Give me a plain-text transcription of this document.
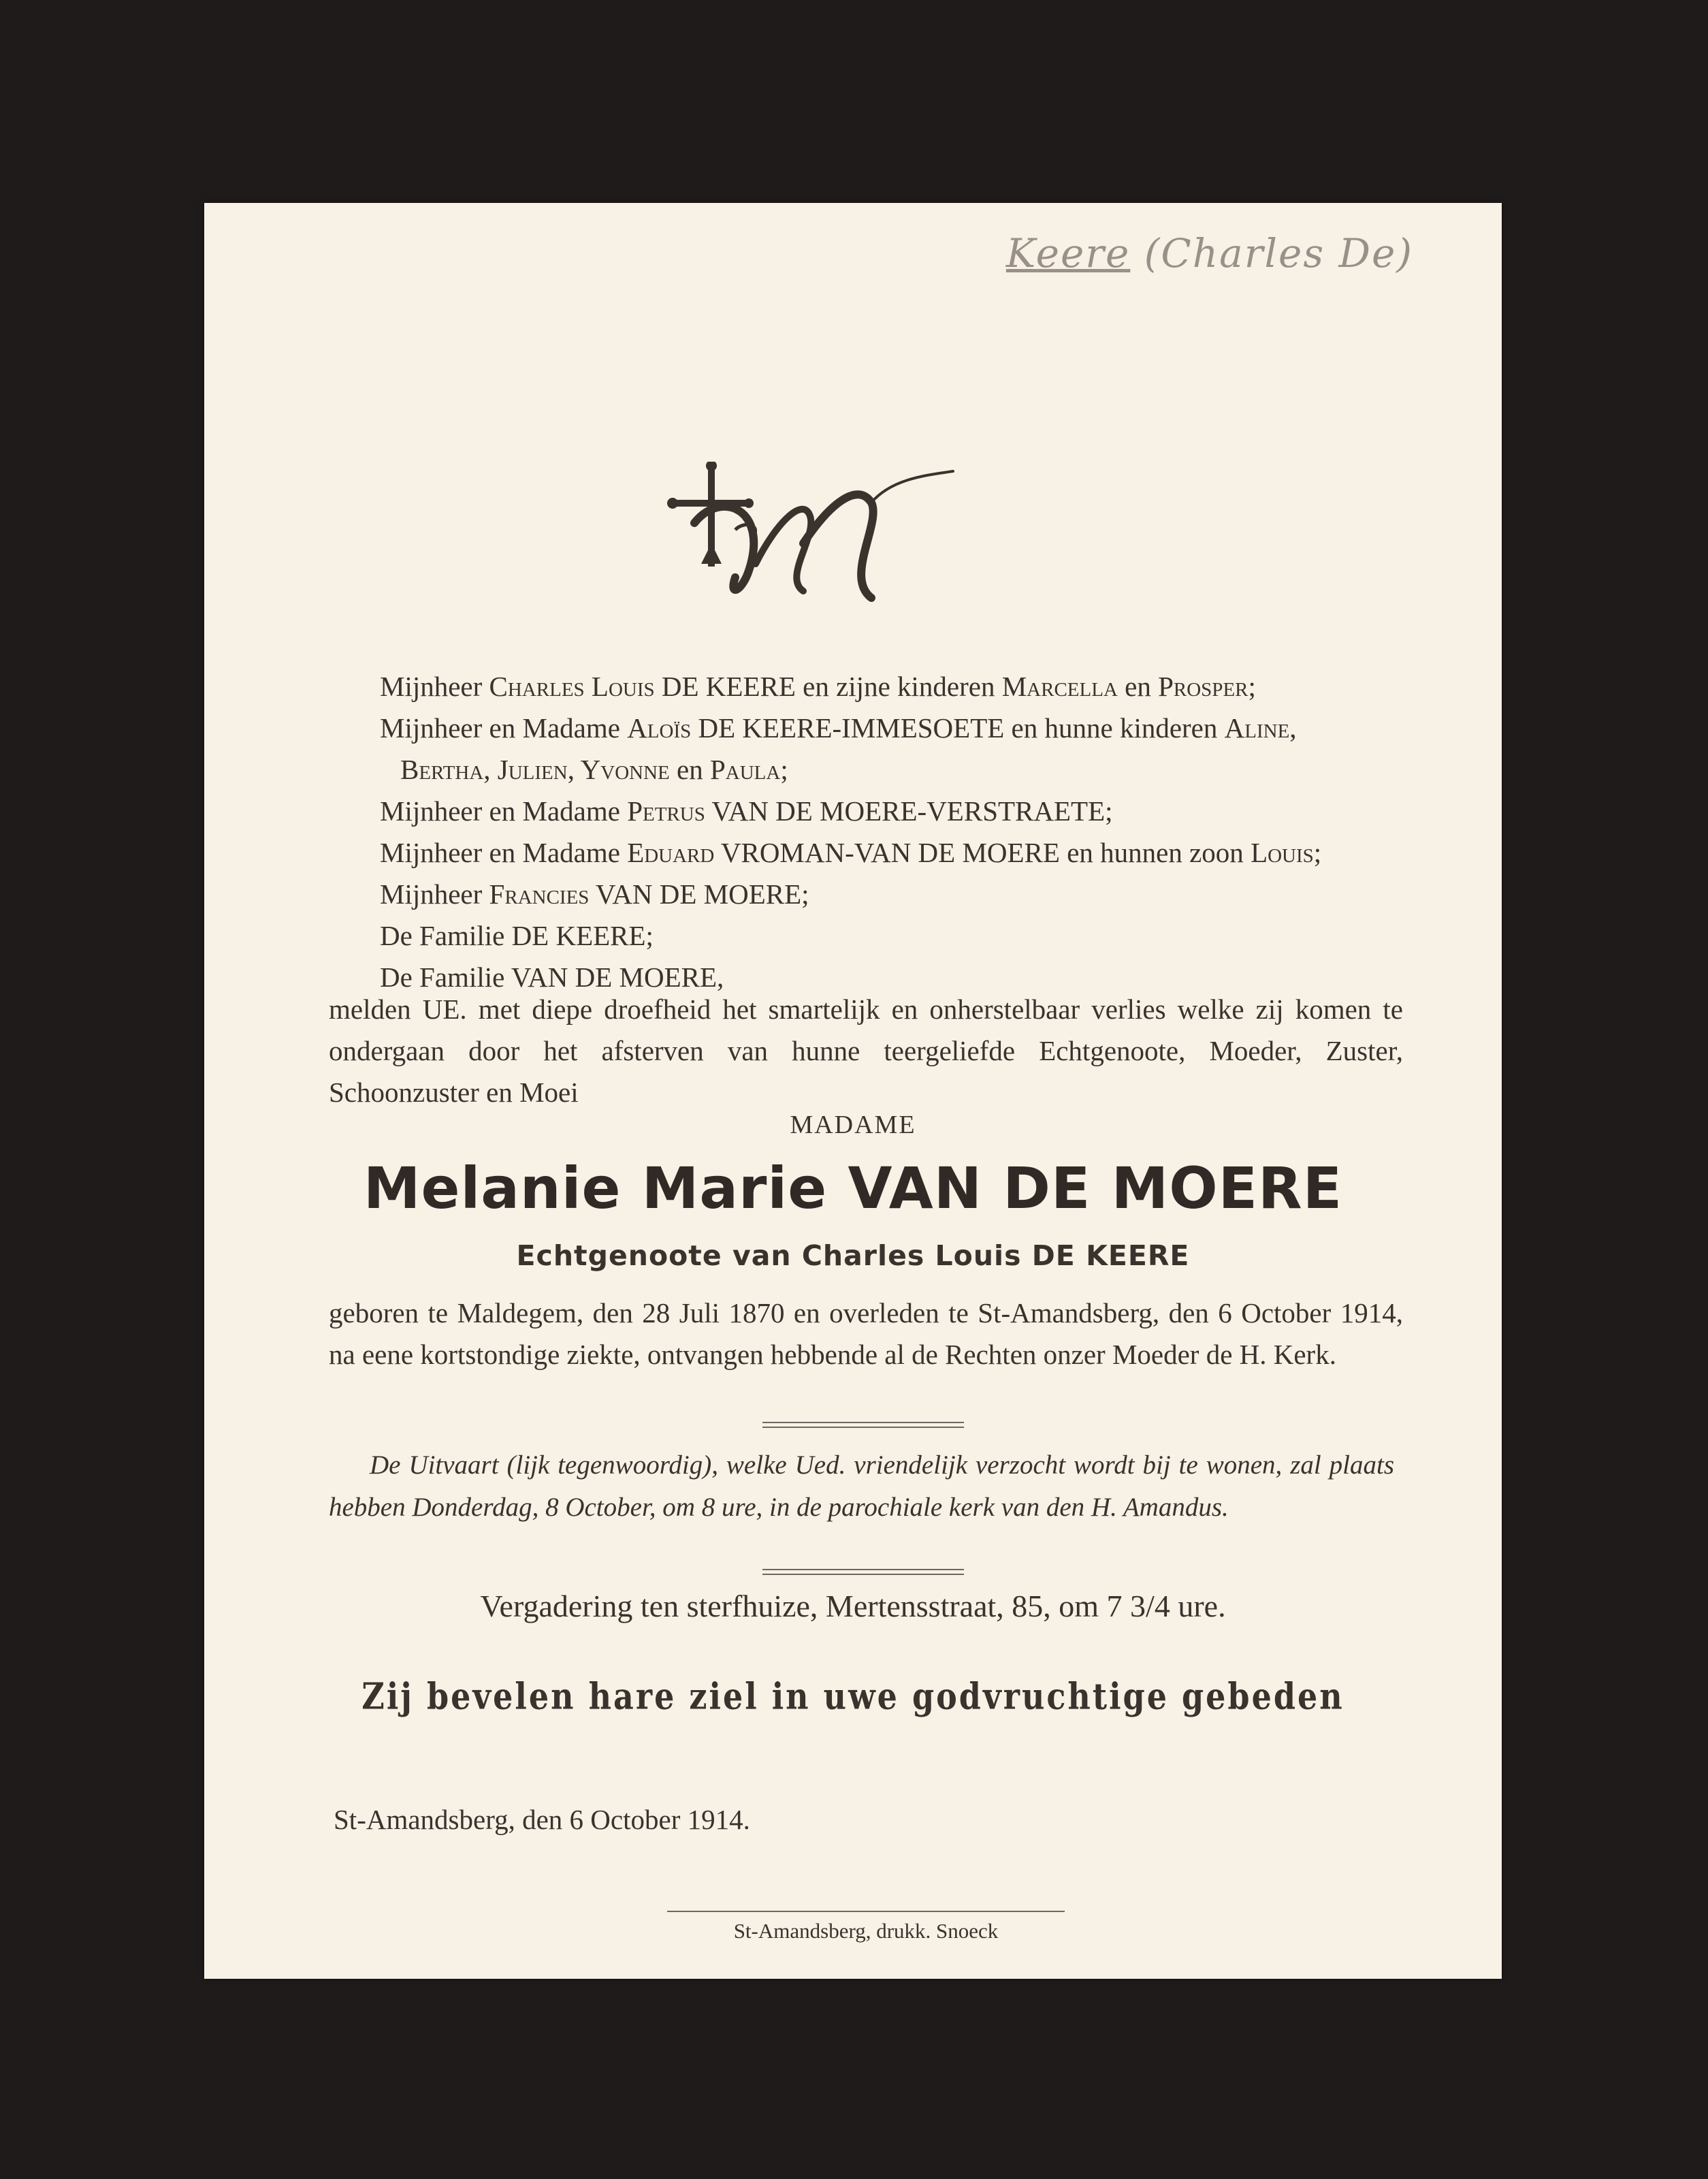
Keere (Charles De)
Mijnheer Charles Louis DE KEERE en zijne kinderen Marcella en Prosper;
Mijnheer en Madame Aloïs DE KEERE-IMMESOETE en hunne kinderen Aline,
Bertha, Julien, Yvonne en Paula;
Mijnheer en Madame Petrus VAN DE MOERE-VERSTRAETE;
Mijnheer en Madame Eduard VROMAN-VAN DE MOERE en hunnen zoon Louis;
Mijnheer Francies VAN DE MOERE;
De Familie DE KEERE;
De Familie VAN DE MOERE,
melden UE. met diepe droefheid het smartelijk en onherstelbaar verlies welke zij komen te ondergaan door het afsterven van hunne teergeliefde Echtgenoote, Moeder, Zuster, Schoonzuster en Moei
MADAME
Melanie Marie VAN DE MOERE
Echtgenoote van Charles Louis DE KEERE
geboren te Maldegem, den 28 Juli 1870 en overleden te St-Amandsberg, den 6 October 1914, na eene kortstondige ziekte, ontvangen hebbende al de Rechten onzer Moeder de H. Kerk.
De Uitvaart (lijk tegenwoordig), welke Ued. vriendelijk verzocht wordt bij te wonen, zal plaats hebben Donderdag, 8 October, om 8 ure, in de parochiale kerk van den H. Amandus.
Vergadering ten sterfhuize, Mertensstraat, 85, om 7 3/4 ure.
Zij bevelen hare ziel in uwe godvruchtige gebeden
St-Amandsberg, den 6 October 1914.
St-Amandsberg, drukk. Snoeck
